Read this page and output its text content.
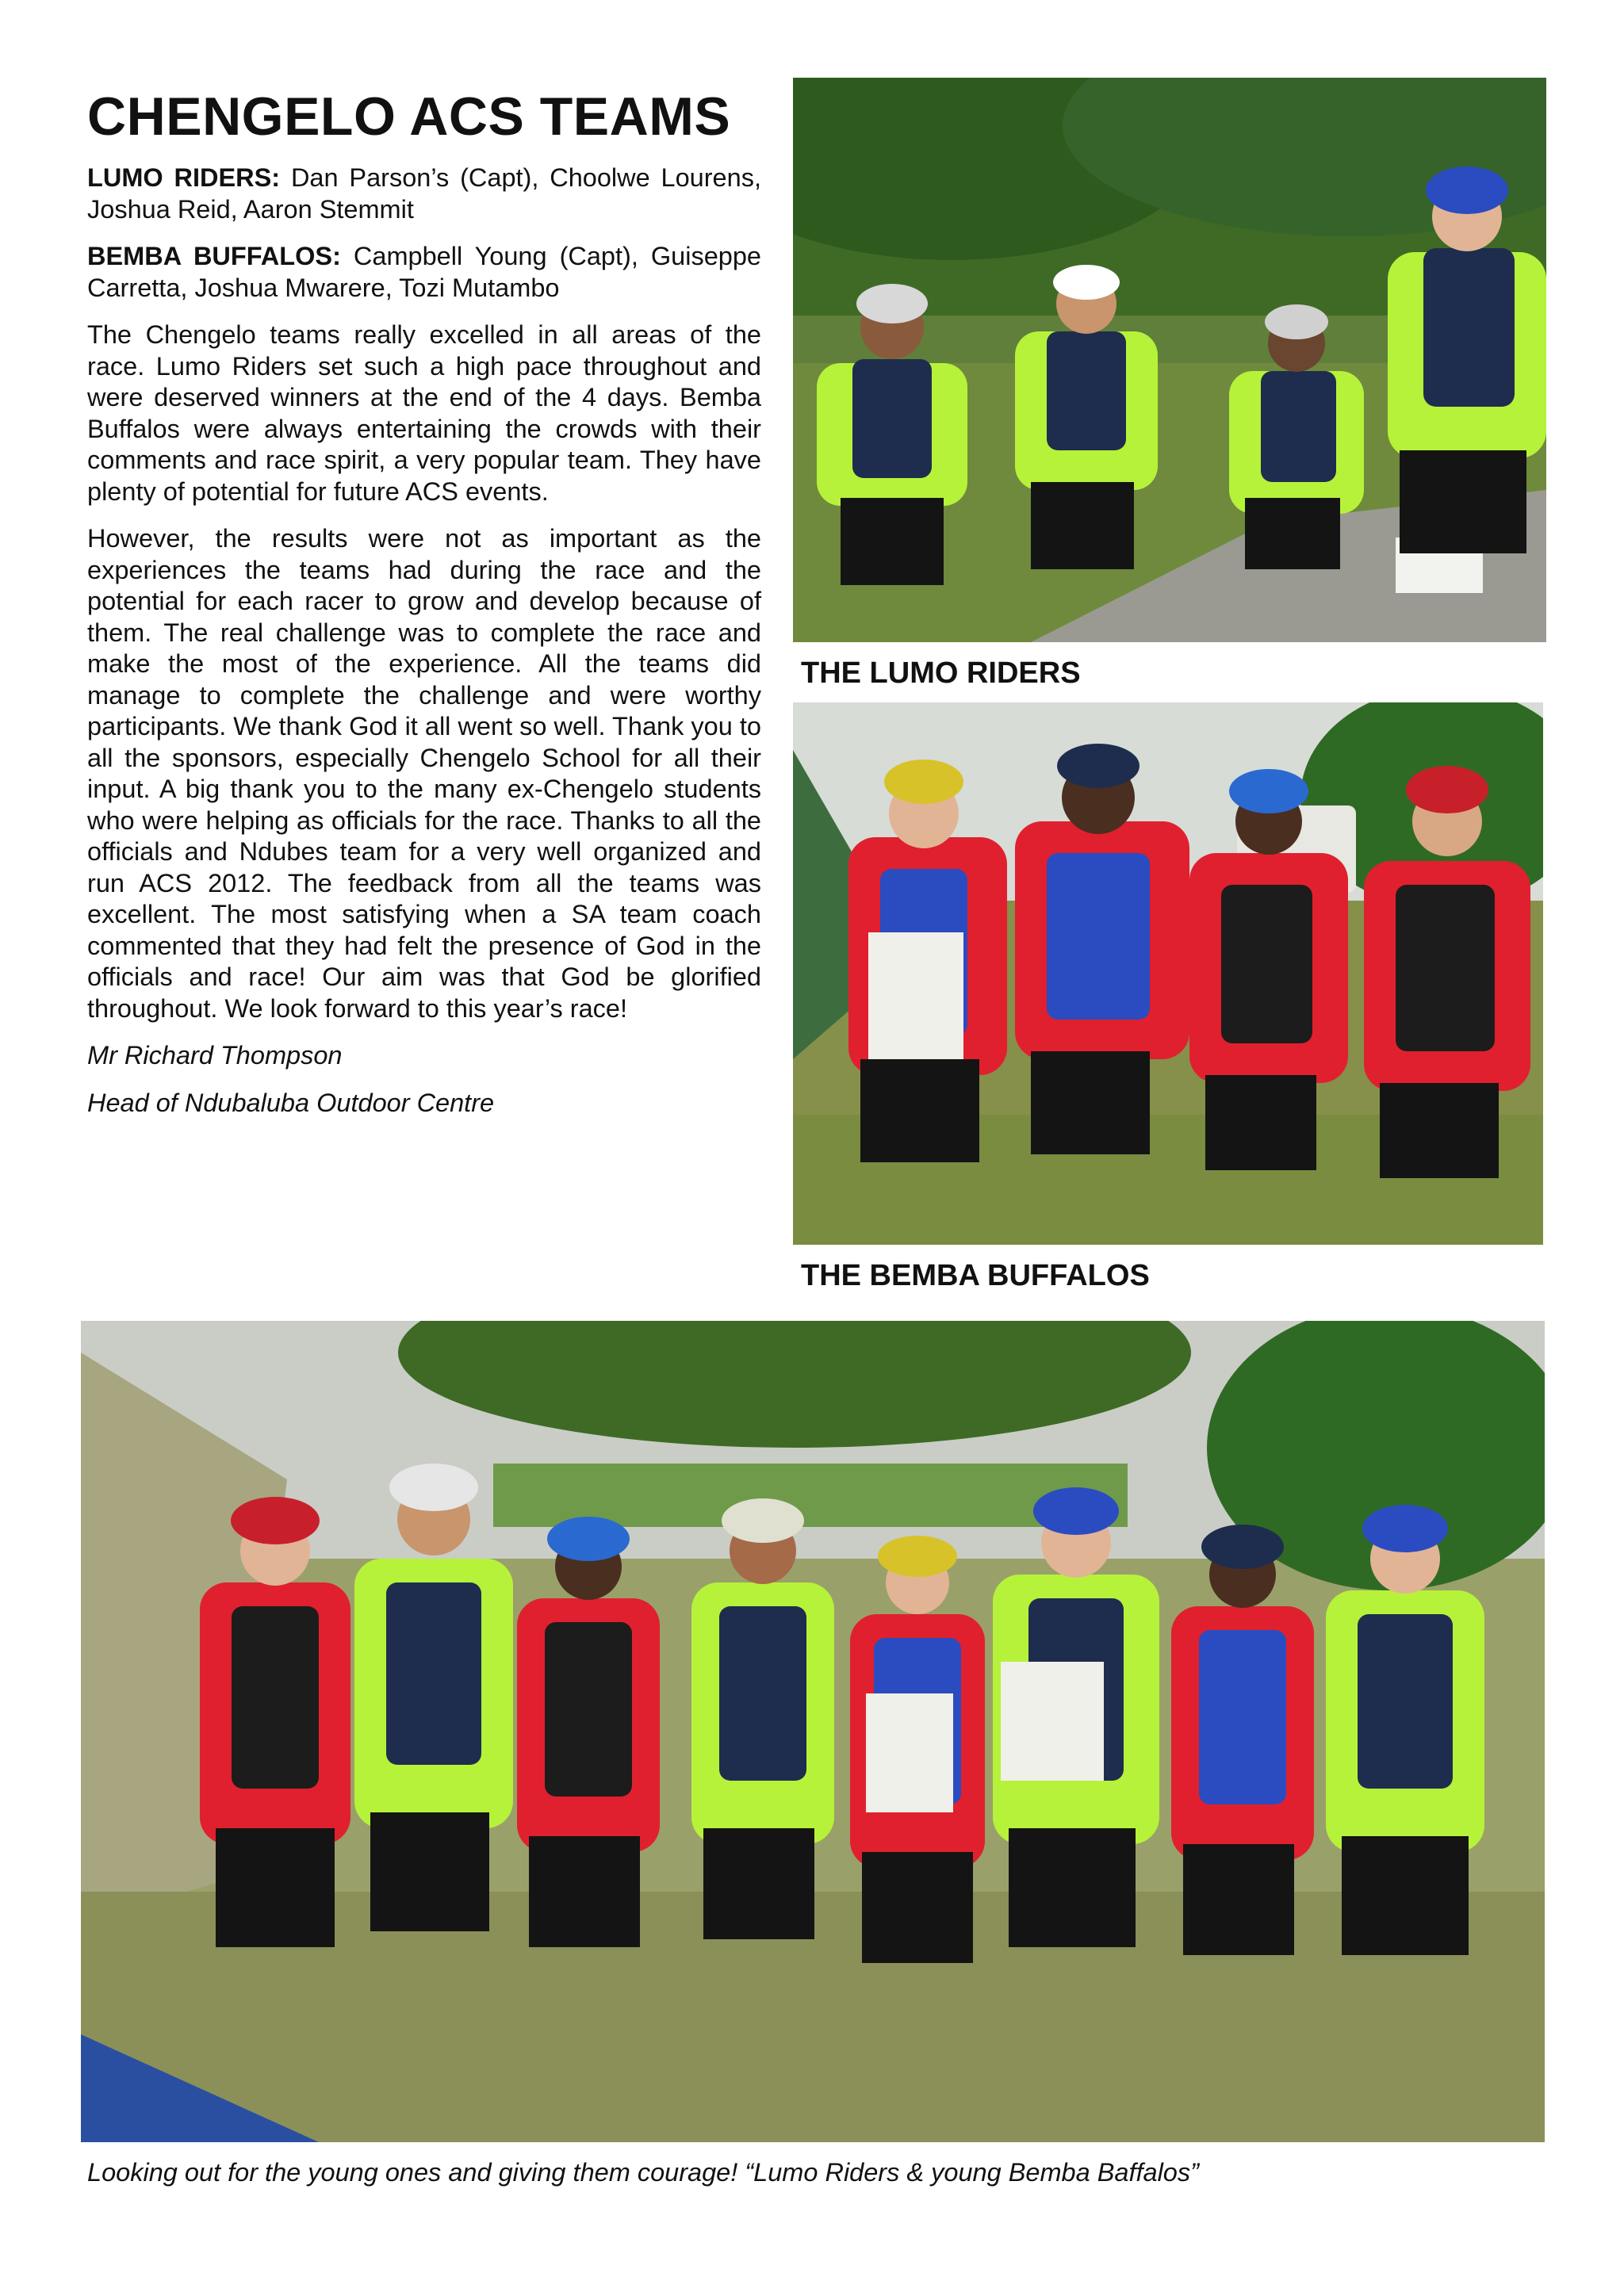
CHENGELO ACS TEAMS

LUMO RIDERS: Dan Parson’s (Capt), Choolwe Lourens, Joshua Reid, Aaron Stemmit

BEMBA BUFFALOS: Campbell Young (Capt), Guiseppe Carretta, Joshua Mwarere, Tozi Mutambo

The Chengelo teams really excelled in all areas of the race. Lumo Riders set such a high pace throughout and were deserved winners at the end of the 4 days. Bemba Buffalos were always entertaining the crowds with their comments and race spirit, a very popular team. They have plenty of potential for future ACS events.

However, the results were not as important as the experiences the teams had during the race and the potential for each racer to grow and develop because of them. The real challenge was to complete the race and make the most of the experience. All the teams did manage to complete the challenge and were worthy participants. We thank God it all went so well. Thank you to all the sponsors, especially Chengelo School for all their input. A big thank you to the many ex-Chengelo students who were helping as officials for the race. Thanks to all the officials and Ndubes team for a very well organized and run ACS 2012. The feedback from all the teams was excellent. The most satisfying when a SA team coach commented that they had felt the presence of God in the officials and race! Our aim was that God be glorified throughout. We look forward to this year’s race!

Mr Richard Thompson

Head of Ndubaluba Outdoor Centre

THE LUMO RIDERS
THE BEMBA BUFFALOS
Looking out for the young ones and giving them courage! “Lumo Riders & young Bemba Baffalos”
